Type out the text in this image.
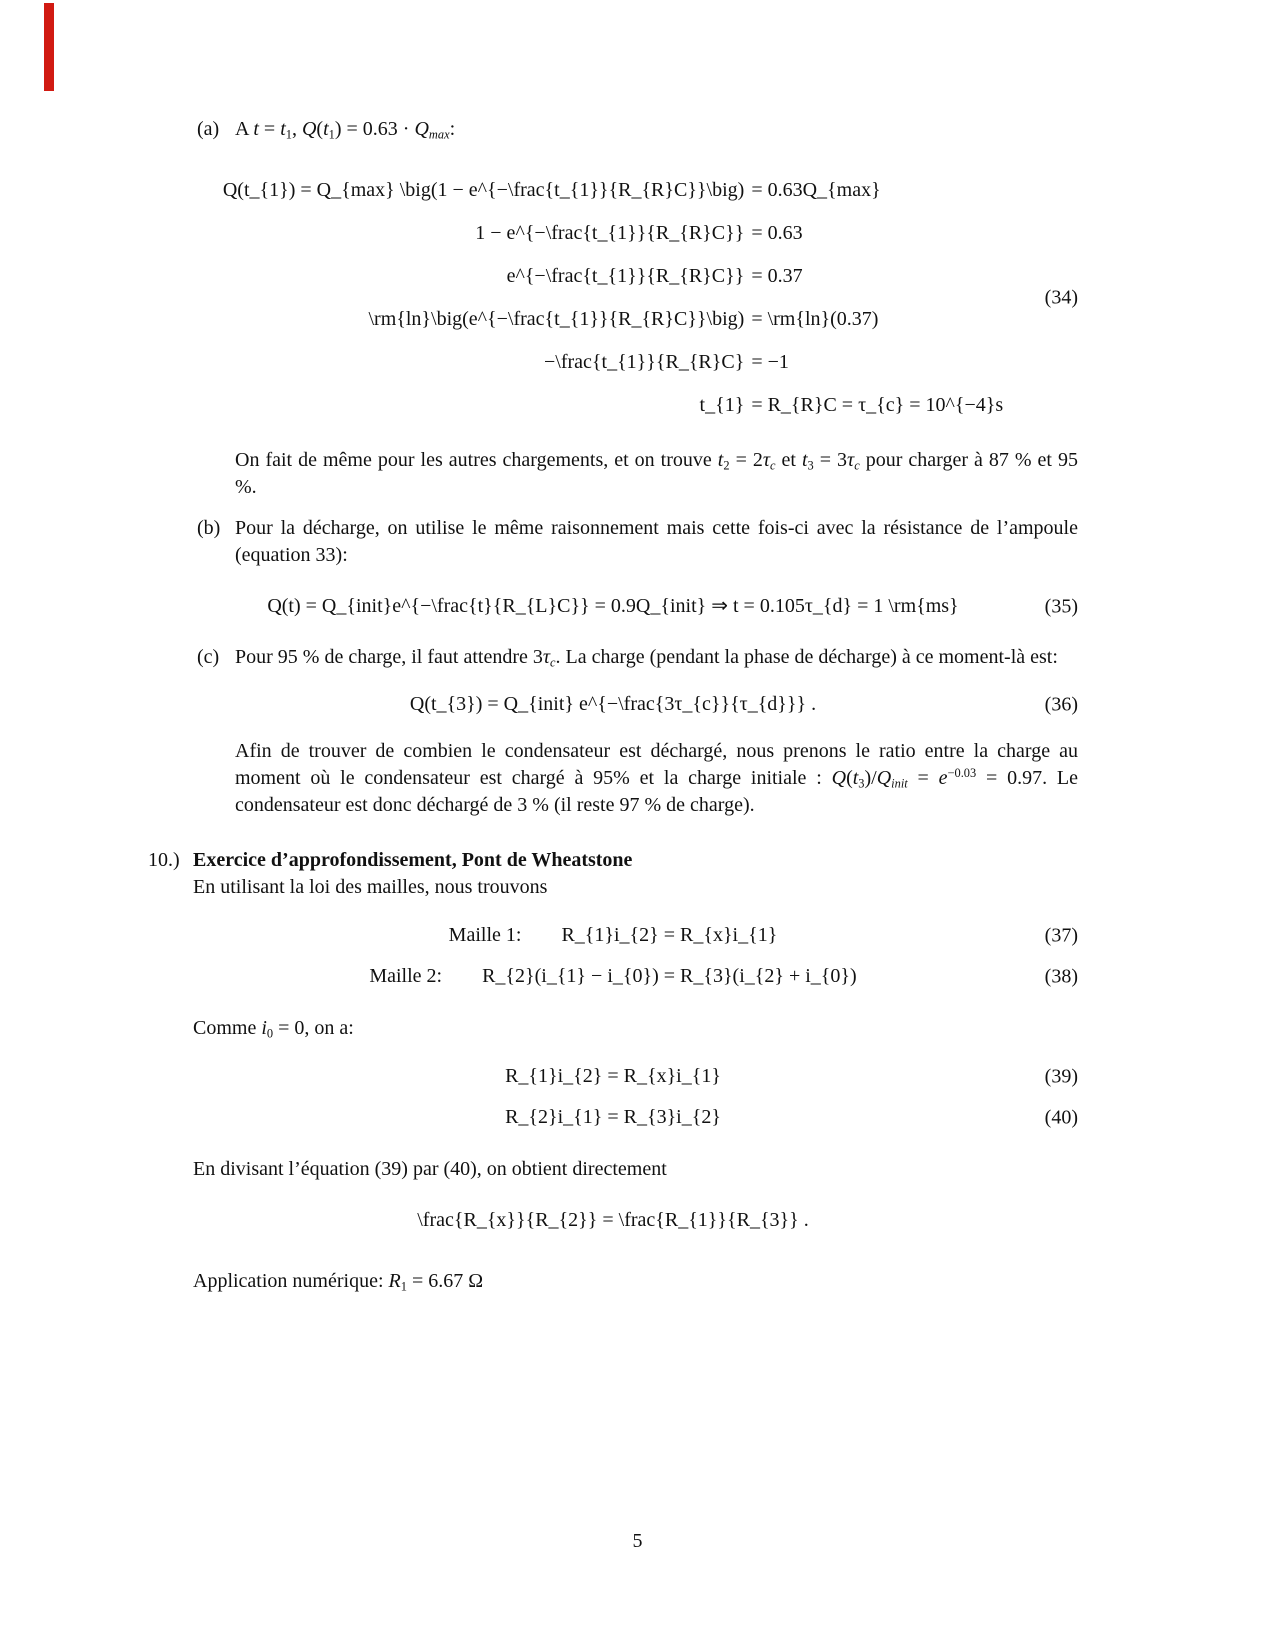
(a) A $t = t_1$, $Q(t_1) = 0.63 \cdot Q_{max}$:
Q(t_{1}) = Q_{max} \big(1 − e^{−\frac{t_{1}}{R_{R}C}}\big)	= 0.63Q_{max}
1 − e^{−\frac{t_{1}}{R_{R}C}}	= 0.63
e^{−\frac{t_{1}}{R_{R}C}}	= 0.37
\rm{ln}\big(e^{−\frac{t_{1}}{R_{R}C}}\big)	= \rm{ln}(0.37)
−\frac{t_{1}}{R_{R}C}	= −1
t_{1}	= R_{R}C = τ_{c} = 10^{−4}s
(34)

On fait de même pour les autres chargements, et on trouve $t_2 = 2\tau_c$ et $t_3 = 3\tau_c$ pour charger à 87 % et 95 %.

(b) Pour la décharge, on utilise le même raisonnement mais cette fois-ci avec la résistance de l’ampoule (equation 33):
Q(t) = Q_{init}e^{−\frac{t}{R_{L}C}} = 0.9Q_{init} ⇒ t = 0.105τ_{d} = 1 \rm{ms}	(35)
(c) Pour 95 % de charge, il faut attendre $3\tau_c$. La charge (pendant la phase de décharge) à ce moment-là est:
Q(t_{3}) = Q_{init} e^{−\frac{3τ_{c}}{τ_{d}}} .	(36)

Afin de trouver de combien le condensateur est déchargé, nous prenons le ratio entre la charge au moment où le condensateur est chargé à 95% et la charge initiale : $Q(t_3)/Q_{init} = e^{-0.03} = 0.97$. Le condensateur est donc déchargé de 3 % (il reste 97 % de charge).

10.) Exercice d’approfondissement, Pont de Wheatstone
En utilisant la loi des mailles, nous trouvons
Maille 1: R_{1}i_{2} = R_{x}i_{1}	(37)
Maille 2: R_{2}(i_{1} − i_{0}) = R_{3}(i_{2} + i_{0})	(38)

Comme $i_0 = 0$, on a:

R_{1}i_{2} = R_{x}i_{1}	(39)
R_{2}i_{1} = R_{3}i_{2}	(40)

En divisant l’équation (39) par (40), on obtient directement

\frac{R_{x}}{R_{2}} = \frac{R_{1}}{R_{3}} .

Application numérique: $R_1 = 6.67$ Ω

5
